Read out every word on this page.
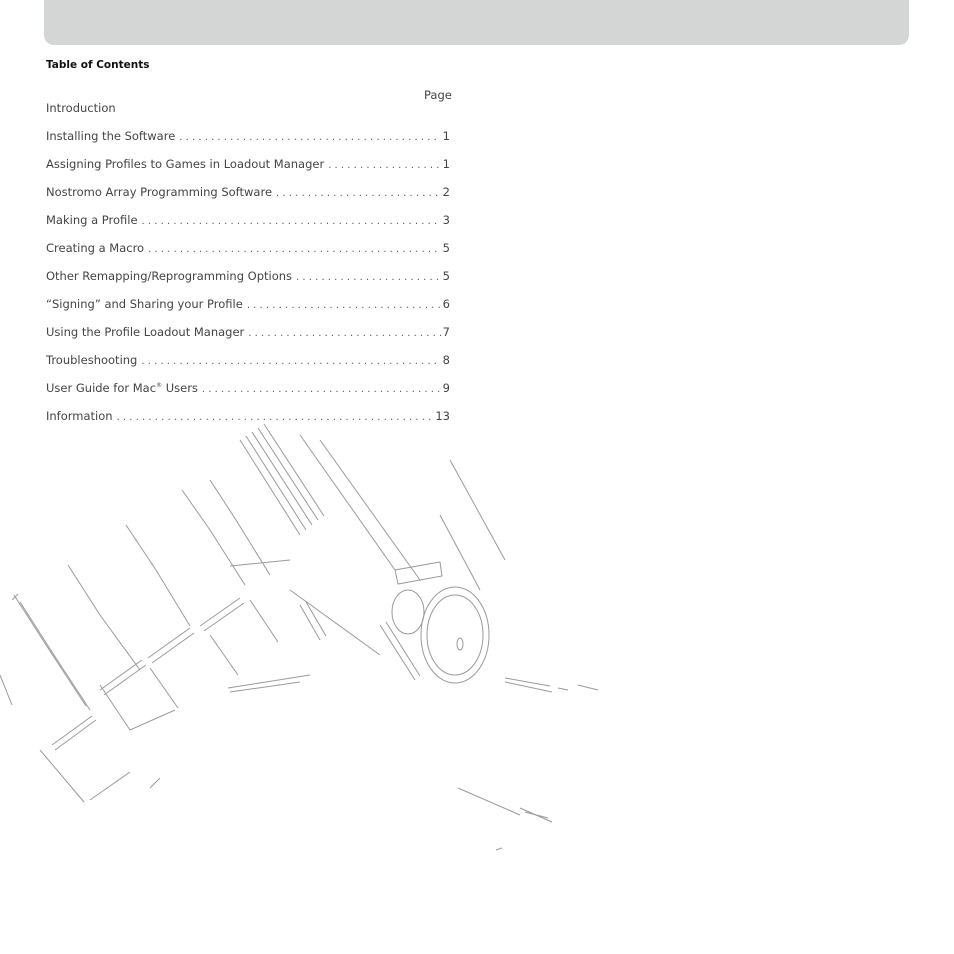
Table of Contents
Page
Introduction
Installing the Software . . .	1
Assigning Profiles to Games in Loadout Manager . . .	1
Nostromo Array Programming Software . . .	2
Making a Profile . . .	3
Creating a Macro . . .	5
Other Remapping/Reprogramming Options . . .	5
“Signing” and Sharing your Profile . . .	6
Using the Profile Loadout Manager . . .	7
Troubleshooting . . .	8
User Guide for Mac® Users . . .	9
Information . . .	13
